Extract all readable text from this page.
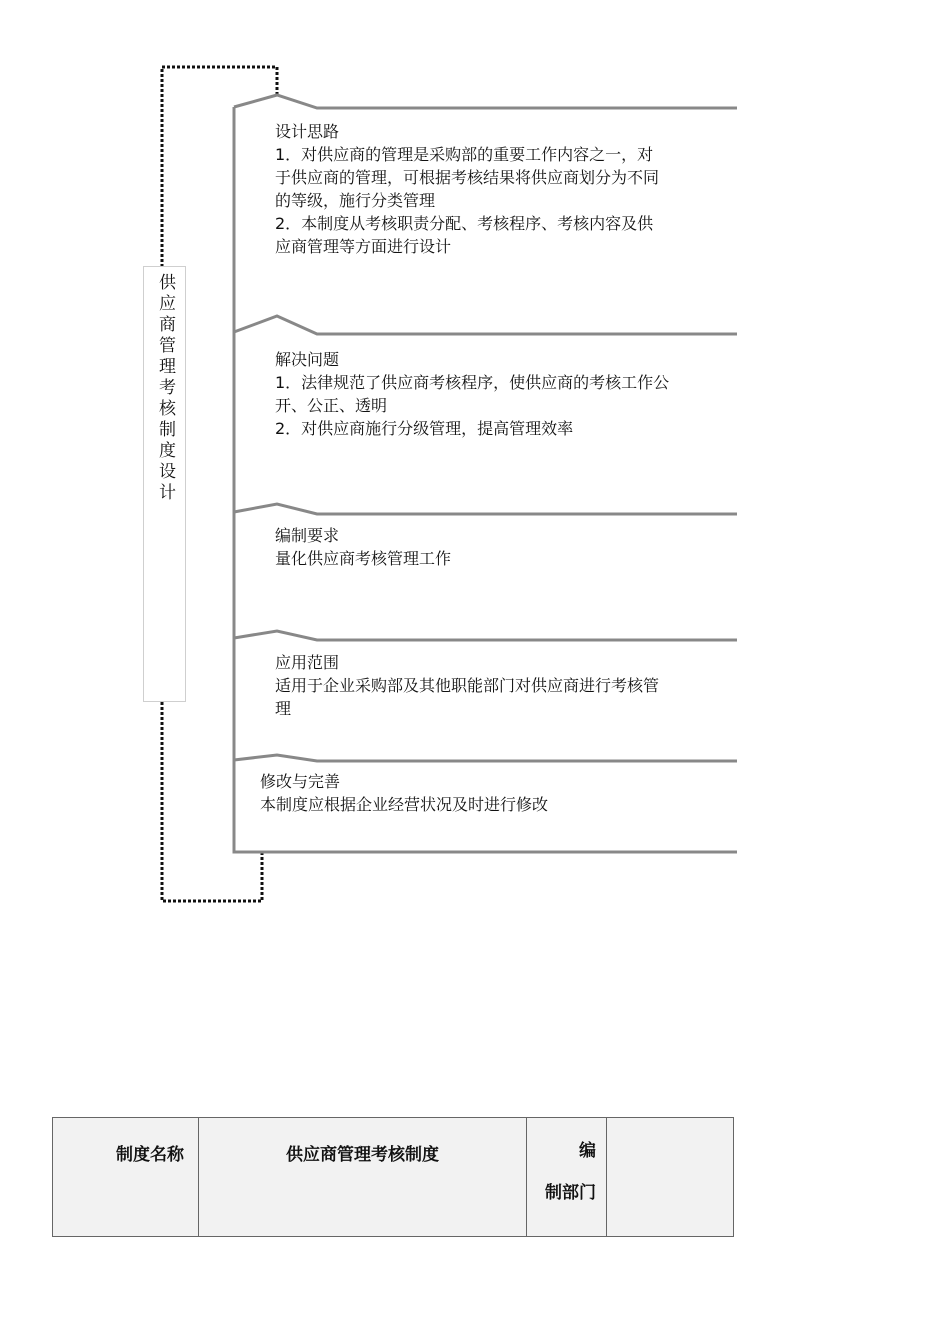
供应商管理考核制度设计
设计思路
1．对供应商的管理是采购部的重要工作内容之一，对
于供应商的管理，可根据考核结果将供应商划分为不同
的等级，施行分类管理
2．本制度从考核职责分配、考核程序、考核内容及供
应商管理等方面进行设计
解决问题
1．法律规范了供应商考核程序，使供应商的考核工作公
开、公正、透明
2．对供应商施行分级管理，提高管理效率
编制要求
量化供应商考核管理工作
应用范围
适用于企业采购部及其他职能部门对供应商进行考核管
理
修改与完善
本制度应根据企业经营状况及时进行修改
制度名称	供应商管理考核制度	编
制部门	
